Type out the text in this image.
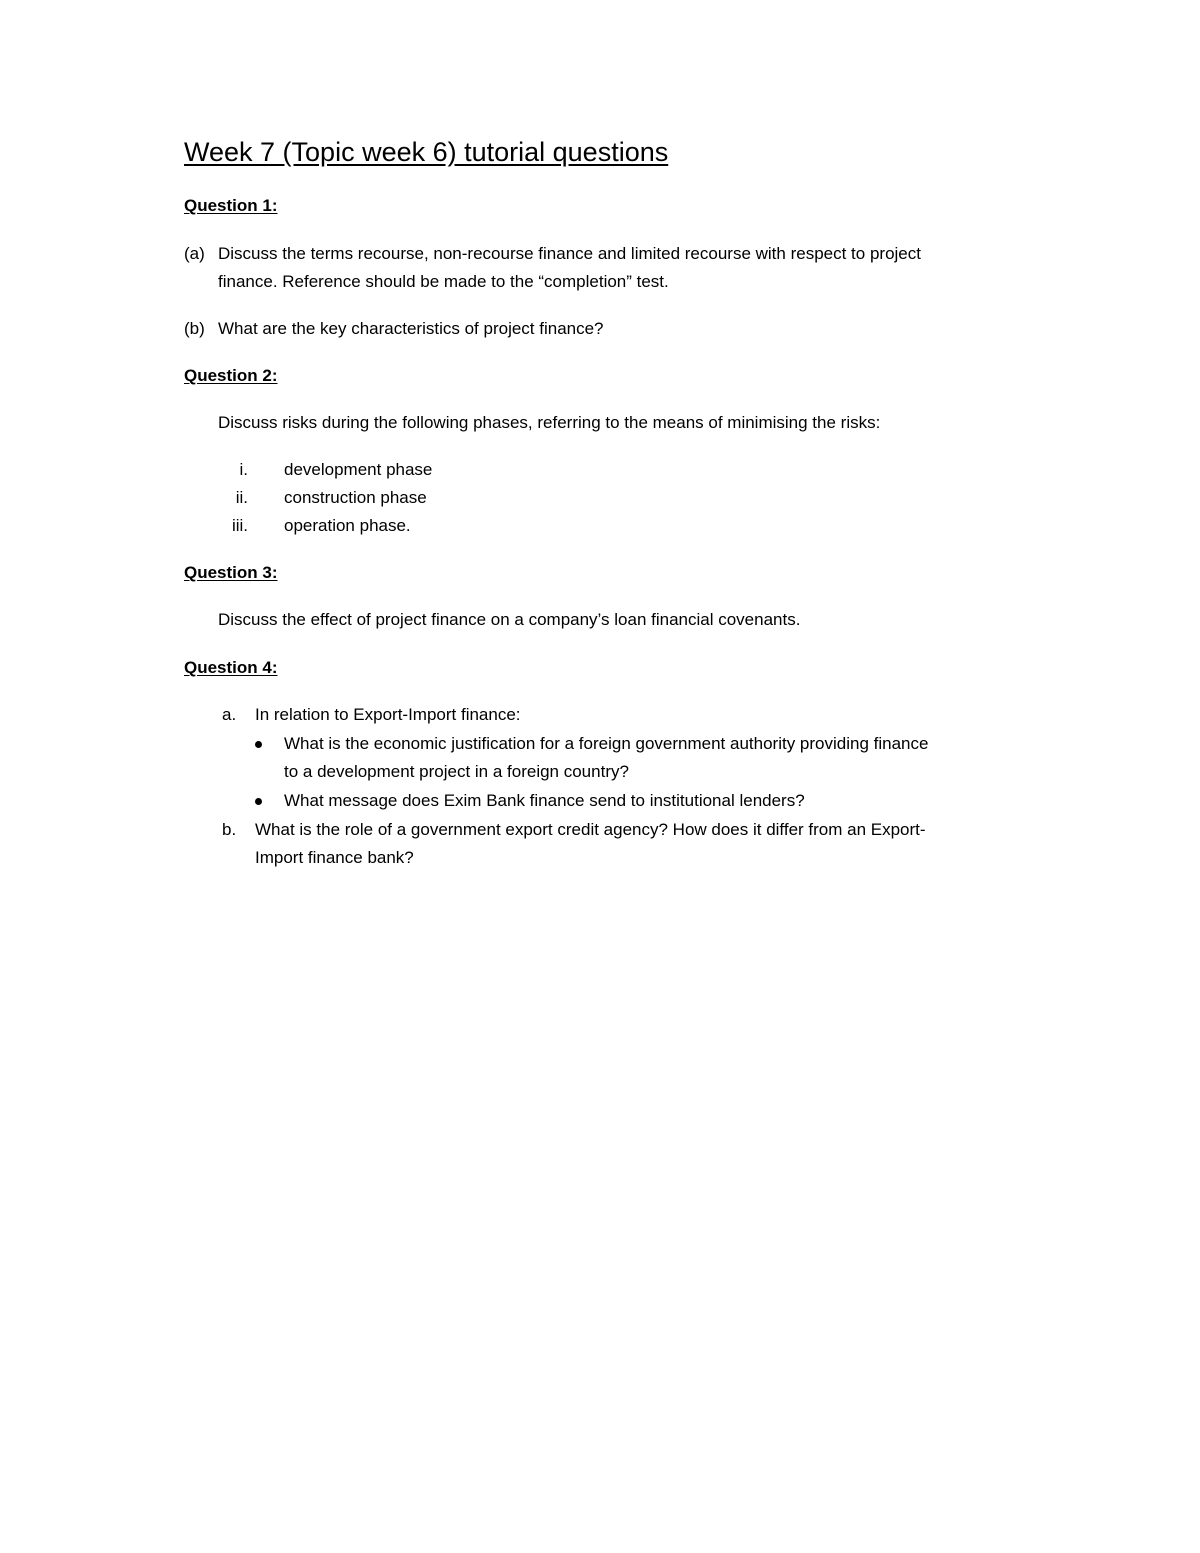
Week 7 (Topic week 6) tutorial questions
Question 1:
(a) Discuss the terms recourse, non-recourse finance and limited recourse with respect to project
finance. Reference should be made to the “completion” test.
(b) What are the key characteristics of project finance?
Question 2:
Discuss risks during the following phases, referring to the means of minimising the risks:
i. development phase
ii. construction phase
iii. operation phase.
Question 3:
Discuss the effect of project finance on a company’s loan financial covenants.
Question 4:
a. In relation to Export-Import finance:
What is the economic justification for a foreign government authority providing finance
to a development project in a foreign country?
What message does Exim Bank finance send to institutional lenders?
b. What is the role of a government export credit agency? How does it differ from an Export-
Import finance bank?
